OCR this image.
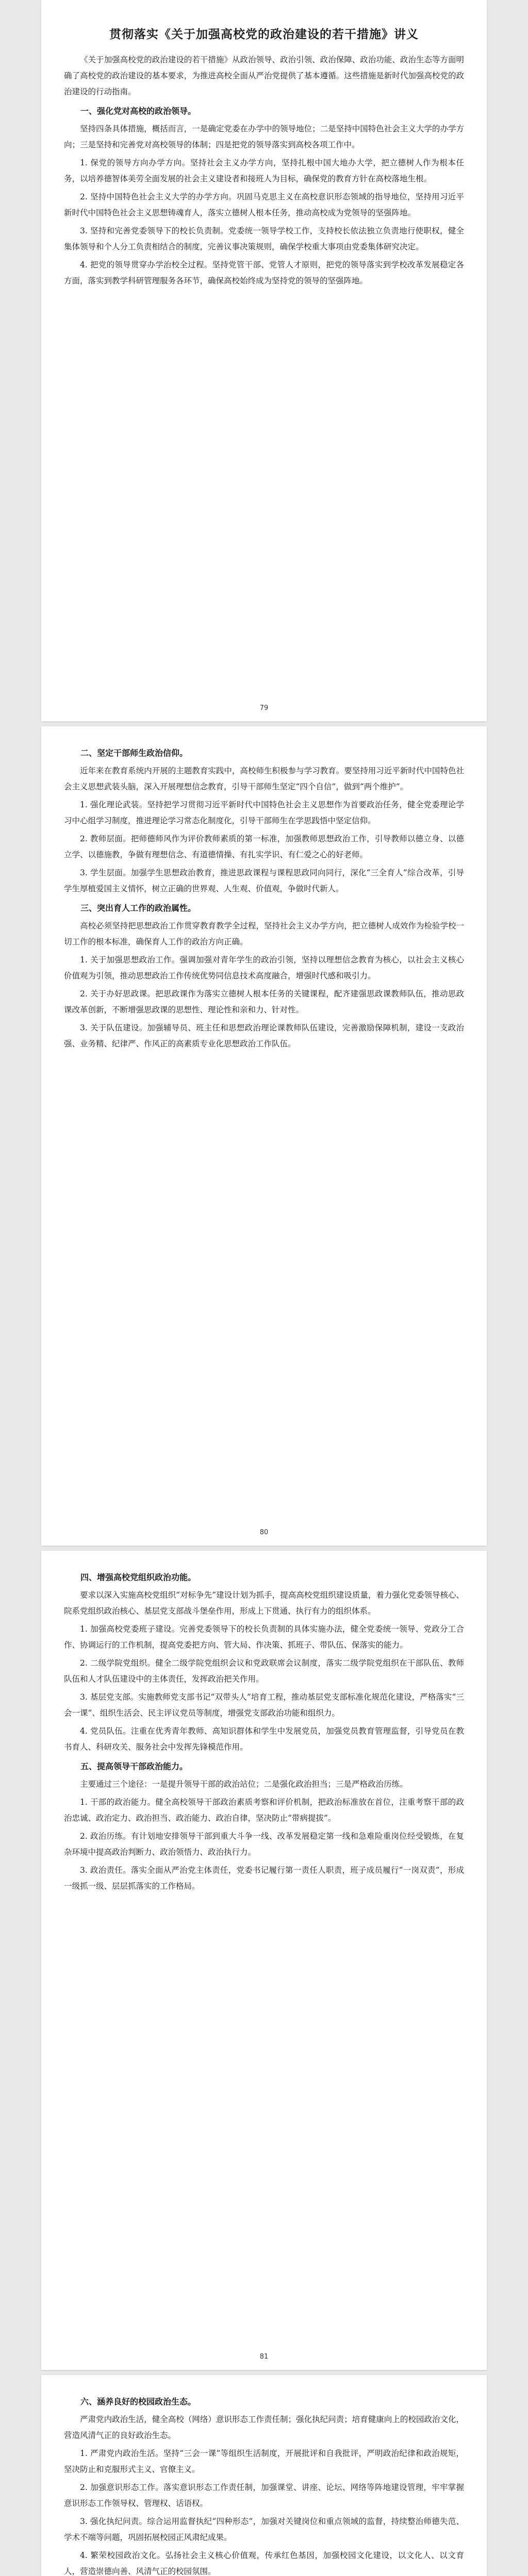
贯彻落实《关于加强高校党的政治建设的若干措施》讲义

《关于加强高校党的政治建设的若干措施》从政治领导、政治引领、政治保障、政治功能、政治生态等方面明确了高校党的政治建设的基本要求，为推进高校全面从严治党提供了基本遵循。这些措施是新时代加强高校党的政治建设的行动指南。

一、强化党对高校的政治领导。

坚持四条具体措施，概括而言，一是确定党委在办学中的领导地位；二是坚持中国特色社会主义大学的办学方向；三是坚持和完善党对高校领导的体制；四是把党的领导落实到高校各项工作中。

1. 保党的领导方向办学方向。坚持社会主义办学方向，坚持扎根中国大地办大学，把立德树人作为根本任务，以培养德智体美劳全面发展的社会主义建设者和接班人为目标，确保党的教育方针在高校落地生根。

2. 坚持中国特色社会主义大学的办学方向。巩固马克思主义在高校意识形态领域的指导地位，坚持用习近平新时代中国特色社会主义思想铸魂育人，落实立德树人根本任务，推动高校成为党领导的坚强阵地。

3. 坚持和完善党委领导下的校长负责制。党委统一领导学校工作，支持校长依法独立负责地行使职权，健全集体领导和个人分工负责相结合的制度，完善议事决策规则，确保学校重大事项由党委集体研究决定。

4. 把党的领导贯穿办学治校全过程。坚持党管干部、党管人才原则，把党的领导落实到学校改革发展稳定各方面，落实到教学科研管理服务各环节，确保高校始终成为坚持党的领导的坚强阵地。

79
二、坚定干部师生政治信仰。

近年来在教育系统内开展的主题教育实践中，高校师生积极参与学习教育。要坚持用习近平新时代中国特色社会主义思想武装头脑，深入开展理想信念教育，引导干部师生坚定“四个自信”，做到“两个维护”。

1. 强化理论武装。坚持把学习贯彻习近平新时代中国特色社会主义思想作为首要政治任务，健全党委理论学习中心组学习制度，推进理论学习常态化制度化，引导干部师生在学思践悟中坚定信仰。

2. 教师层面。把师德师风作为评价教师素质的第一标准，加强教师思想政治工作，引导教师以德立身、以德立学、以德施教，争做有理想信念、有道德情操、有扎实学识、有仁爱之心的好老师。

3. 学生层面。加强学生思想政治教育，推进思政课程与课程思政同向同行，深化“三全育人”综合改革，引导学生厚植爱国主义情怀，树立正确的世界观、人生观、价值观，争做时代新人。

三、突出育人工作的政治属性。

高校必须坚持把思想政治工作贯穿教育教学全过程，坚持社会主义办学方向，把立德树人成效作为检验学校一切工作的根本标准，确保育人工作的政治方向正确。

1. 关于加强思想政治工作。强调加强对青年学生的政治引领，坚持以理想信念教育为核心，以社会主义核心价值观为引领，推动思想政治工作传统优势同信息技术高度融合，增强时代感和吸引力。

2. 关于办好思政课。把思政课作为落实立德树人根本任务的关键课程，配齐建强思政课教师队伍，推动思政课改革创新，不断增强思政课的思想性、理论性和亲和力、针对性。

3. 关于队伍建设。加强辅导员、班主任和思想政治理论课教师队伍建设，完善激励保障机制，建设一支政治强、业务精、纪律严、作风正的高素质专业化思想政治工作队伍。

80
四、增强高校党组织政治功能。

要求以深入实施高校党组织“对标争先”建设计划为抓手，提高高校党组织建设质量，着力强化党委领导核心、院系党组织政治核心、基层党支部战斗堡垒作用，形成上下贯通、执行有力的组织体系。

1. 加强高校党委班子建设。完善党委领导下的校长负责制的具体实施办法，健全党委统一领导、党政分工合作、协调运行的工作机制，提高党委把方向、管大局、作决策、抓班子、带队伍、保落实的能力。

2. 二级学院党组织。健全二级学院党组织会议和党政联席会议制度，落实二级学院党组织在干部队伍、教师队伍和人才队伍建设中的主体责任，发挥政治把关作用。

3. 基层党支部。实施教师党支部书记“双带头人”培育工程，推动基层党支部标准化规范化建设，严格落实“三会一课”、组织生活会、民主评议党员等制度，增强党支部政治功能和组织力。

4. 党员队伍。注重在优秀青年教师、高知识群体和学生中发展党员，加强党员教育管理监督，引导党员在教书育人、科研攻关、服务社会中发挥先锋模范作用。

五、提高领导干部政治能力。

主要通过三个途径：一是提升领导干部的政治站位；二是强化政治担当；三是严格政治历练。

1. 干部的政治能力。健全高校领导干部政治素质考察和评价机制，把政治标准放在首位，注重考察干部的政治忠诚、政治定力、政治担当、政治能力、政治自律，坚决防止“带病提拔”。

2. 政治历练。有计划地安排领导干部到重大斗争一线、改革发展稳定第一线和急难险重岗位经受锻炼，在复杂环境中提高政治判断力、政治领悟力、政治执行力。

3. 政治责任。落实全面从严治党主体责任，党委书记履行第一责任人职责，班子成员履行“一岗双责”，形成一级抓一级、层层抓落实的工作格局。

81
六、涵养良好的校园政治生态。

严肃党内政治生活，健全高校（网络）意识形态工作责任制；强化执纪问责；培育健康向上的校园政治文化，营造风清气正的良好政治生态。

1. 严肃党内政治生活。坚持“三会一课”等组织生活制度，开展批评和自我批评，严明政治纪律和政治规矩，坚决防止和克服形式主义、官僚主义。

2. 加强意识形态工作。落实意识形态工作责任制，加强课堂、讲座、论坛、网络等阵地建设管理，牢牢掌握意识形态工作领导权、管理权、话语权。

3. 强化执纪问责。综合运用监督执纪“四种形态”，加强对关键岗位和重点领域的监督，持续整治师德失范、学术不端等问题，巩固拓展校园正风肃纪成果。

4. 繁荣校园政治文化。弘扬社会主义核心价值观，传承红色基因，加强校园文化建设，以文化人、以文育人，营造崇德向善、风清气正的校园氛围。
